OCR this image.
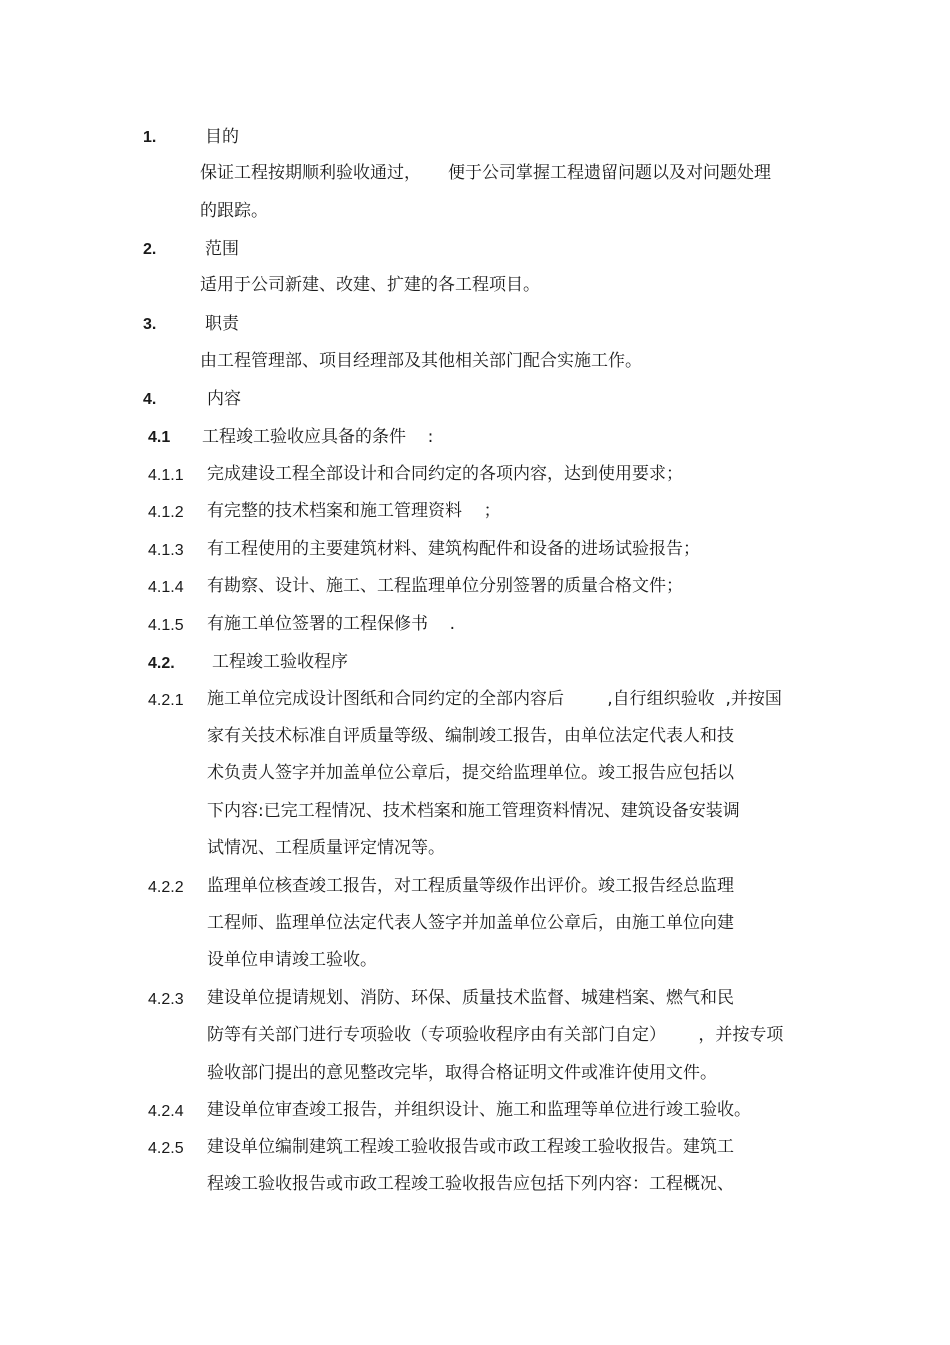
1.	目的
保证工程按期顺利验收通过，     便于公司掌握工程遗留问题以及对问题处理
的跟踪。
2.	范围
适用于公司新建、改建、扩建的各工程项目。
3.	职责
由工程管理部、项目经理部及其他相关部门配合实施工作。
4.	内容
4.1 工程竣工验收应具备的条件    :
4.1.1 完成建设工程全部设计和合同约定的各项内容，达到使用要求；
4.1.2 有完整的技术档案和施工管理资料    ；
4.1.3 有工程使用的主要建筑材料、建筑构配件和设备的进场试验报告；
4.1.4 有勘察、设计、施工、工程监理单位分别签署的质量合格文件；
4.1.5 有施工单位签署的工程保修书    .
4.2. 工程竣工验收程序
4.2.1 施工单位完成设计图纸和合同约定的全部内容后        ,自行组织验收  ,并按国
家有关技术标准自评质量等级、编制竣工报告，由单位法定代表人和技
术负责人签字并加盖单位公章后，提交给监理单位。竣工报告应包括以
下内容:已完工程情况、技术档案和施工管理资料情况、建筑设备安装调
试情况、工程质量评定情况等。
4.2.2 监理单位核查竣工报告，对工程质量等级作出评价。竣工报告经总监理
工程师、监理单位法定代表人签字并加盖单位公章后，由施工单位向建
设单位申请竣工验收。
4.2.3 建设单位提请规划、消防、环保、质量技术监督、城建档案、燃气和民
防等有关部门进行专项验收（专项验收程序由有关部门自定）      ，并按专项
验收部门提出的意见整改完毕，取得合格证明文件或准许使用文件。
4.2.4 建设单位审查竣工报告，并组织设计、施工和监理等单位进行竣工验收。
4.2.5 建设单位编制建筑工程竣工验收报告或市政工程竣工验收报告。建筑工
程竣工验收报告或市政工程竣工验收报告应包括下列内容：工程概况、
